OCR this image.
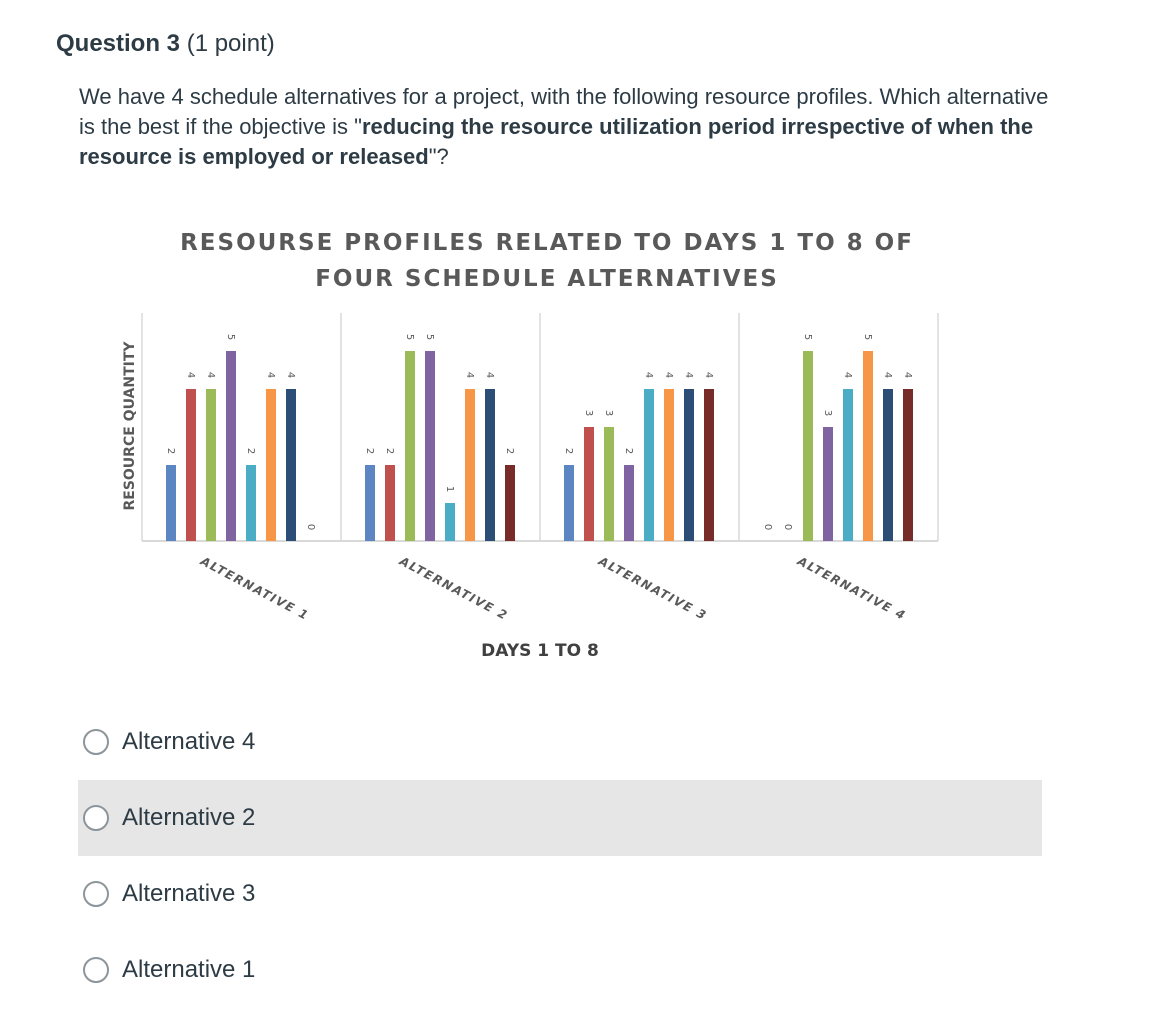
Question 3 (1 point)
We have 4 schedule alternatives for a project, with the following resource profiles. Which alternative is the best if the objective is "reducing the resource utilization period irrespective of when the resource is employed or released"?
RESOURSE PROFILES RELATED TO DAYS 1 TO 8 OF
FOUR SCHEDULE ALTERNATIVES
RESOURCE QUANTITY
DAYS 1 TO 8
2
4 4
5
2
4 4
0
ALTERNATIVE 1
2 2
5 5
1
4 4
2
ALTERNATIVE 2
2
3 3
2
4 4 4 4
ALTERNATIVE 3
0 0
5
3
4
5
4 4
ALTERNATIVE 4
Alternative 4
Alternative 2
Alternative 3
Alternative 1
